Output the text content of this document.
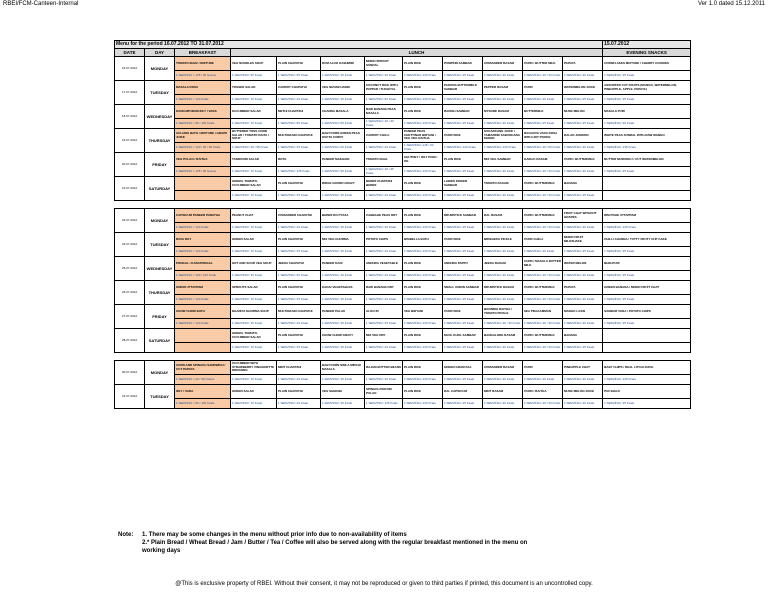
RBEI/FCM-Canteen-Internal	Ver 1.0 dated 15.12.2011
Menu for the period 16.07.2012 TO 31.07.2012												15.07.2012
DATE	DAY	BREAKFAST	LUNCH									EVENING SNACKS
16.07.2012	MONDAY	TOMATO BHAV / MIXTURE	VEG NOODLES SOUP	PLAIN CHAPATHI	DUM ALOO KASHMIRI	MIXED SPROUT SUNDAL	PLAIN RICE	PUMPKIN SAMBAR	CORIANDER RASAM	CURD / BUTTER MILK	PAPAYA	CORNFLAKES MIXTURE / CHERRY COOKIES
		1 SERVING = 125 / 30 Grams	1 SERVING= 50 Kcals	1 SERVING= 95 Kcals	1 SERVING= 45 Kcals	1 SERVING= 30 Kcals	1 SERVING= 125 Kcals	1 SERVING= 45 Kcals	1 SERVING= 30 Kcals	1 SERVING= 40 / 20 Kcals	1 SERVING= 30 Kcals	1 SERVING= 35 Kcals
17.07.2012	TUESDAY	MASALA DOSA	TOSSED SALAD	CARROT CHAPATHI	VEG NIZAMI HANDI	COCONUT RICE WITH PAPPAD / THOGIYAL	PLAIN RICE	PAKODA BUTTERMILK SAMBAR	PEPPER RASAM	CURD	WATERMELON JUICE	ASSORTED CUT FRUITS (MANGO, WATERMELON, PINEAPPLE, APPLE, PAPAYA)
		1 SERVING = 120 Kcals	1 SERVING= 10 Kcals	1 SERVING= 40 Kcals	1 SERVING= 45 Kcals	1 SERVING= 90 Kcals	1 SERVING= 125 Kcals	1 SERVING= 45 Kcals	1 SERVING= 30 Kcals	1 SERVING= 40 Kcals	1 SERVING= 25 Kcals	1 SERVING= 35 Kcals
18.07.2012	WEDNESDAY	KANCHIPURAM IDLY / VADA	KUCUMBER SALAD	METHI CHAPATHI	CHANNA MASALA	RAW BANANA PEAS MASALA	PLAIN RICE	RADISH SAMBAR	MYSORE RASAM	BUTTERMILK	MUSK MELON	MASALA PURI
		1 SERVING = 65 / 120 Kcals	1 SERVING= 10 Kcals	1 SERVING= 80 Kcals	1 SERVING= 80 Kcals	1 SERVING= 40 / 30 Kcals	1 SERVING= 125 Kcals	1 SERVING= 45 Kcals	1 SERVING= 30 Kcals	1 SERVING= 25 Kcals	1 SERVING= 35 Kcals	1 SERVING= 90 Kcals
19.07.2012	THURSDAY	AVLAKKI BATH / MIXTURE / GRAPE JUICE	BUTTERED TOSS CORN SALAD / TOMATO RAITA / SOUP	MULTIGRAIN CHAPATHI	BABYCORN GREEN PEAS KOFTA CURRY	CARROT CHILLI	PANEER PEAS CHETTINAD BIRYANI / VEG VEG RAITHA	CURD RICE	SUGARCANE JUICE / TAMARIND SABUDHANA KHEER	RAGHUVA VADA DOSA WITH HOT POOKE	DALAR JAMOON	WHITE PEAS SUNDAL WITH RAW MANGO
		1 SERVING = 120 / 30 / 90 Kcals	1 SERVING= 25 / 95 Kcals	1 SERVING= 45 Kcals	1 SERVING= 60 Kcals	1 SERVING= 40 Kcals	1 SERVING= 145 / 30 Kcals	1 SERVING= 124 Kcals	1 SERVING= 125 Kcals	1 SERVING= 40 / 50 Kcals	1 SERVING= 30 Kcals	1 SERVING= 135 Kcals
20.07.2012	FRIDAY	VEG PULAO / RAITHA	TANDOORI SALAD	ROTA	PANEER MAKHANI	TOMATO DHAL	CHUTNEY / IDLY PODI / OIL	PLAIN RICE	MIX VEG SAMBAR	GARLIC RASAM	CURD / BUTTERMILK	BUTTER MURUKKU / CUT WATERMELON
		1 SERVING = 125 / 30 Grams	1 SERVING= 10 Kcals	1 SERVING= 125 Kcals	1 SERVING= 95 Kcals	1 SERVING= 40 / 35 Kcals	1 SERVING= 125 Kcals	1 SERVING= 45 Kcals	1 SERVING= 30 Kcals	1 SERVING= 40 / 20 Kcals	1 SERVING= 30 Kcals	1 SERVING= 45 Kcals
21.07.2012	SATURDAY		GREEN, TOMATO, CUCUMBER SALAD	PLAIN CHAPATHI	RIDGE GOURD GRAVY	BHINDI CHAPATHI BHINDI	PLAIN RICE	LADIES FINGER SAMBAR	TOMATO RASAM	CURD / BUTTERMILK	BANANA	
			1 SERVING= 10 Kcals	1 SERVING= 45 Kcals	1 SERVING= 45 Kcals	1 SERVING= 40 Kcals	1 SERVING= 125 Kcals	1 SERVING= 45 Kcals	1 SERVING= 30 Kcals	1 SERVING= 40 / 20 Kcals	1 SERVING= 45 Kcals	

23.07.2012	MONDAY	CAPSICUM PANEER PARATHA	PEANUT CHAT	CORIANDER CHAPATHI	BHINDI DO PYAZA	CABBAGE PEAS DRY	PLAIN RICE	DRUMSTICK SAMBAR	DAL RASAM	CURD / BUTTERMILK	FRUIT CHAT WITHOUT GRAPES	RIM POHE UTTAPPAM
		1 SERVING = 120 Kcals	1 SERVING= 10 Kcals	1 SERVING= 40 Kcals	1 SERVING= 45 Kcals	1 SERVING= 30 Kcals	1 SERVING= 125 Kcals	1 SERVING= 45 Kcals	1 SERVING= 30 Kcals	1 SERVING= 40 / 20 Kcals	1 SERVING= 30 Kcals	1 SERVING= 125 Kcals
24.07.2012	TUESDAY	RAVA IDLY	GREEN SALAD	PLAIN CHAPATHI	MIX VEG KHURMA	POTATO CHIPS	BISIBELLA BATH	CURD RICE	BRINGERA PICKLE	CURD CHILLI	MIXED FRUIT MILKSHAKE	CHILLI CHANNA / TUTTY FRUTY CUP CAKE
		1 SERVING = 120 Kcals	1 SERVING= 10 Kcals	1 SERVING= 45 Kcals	1 SERVING= 45 Kcals	1 SERVING= 40 Kcals	1 SERVING= 125 Kcals	1 SERVING= 45 Kcals	1 SERVING= 30 Kcals	1 SERVING= 40 Kcals	1 SERVING= 35 Kcals	1 SERVING= 35 Kcals
25.07.2012	WEDNESDAY	PONGAL / KARAPONGAL	HOT AND SOUR VEG SOUP	JEERA CHAPATHI	PANEER KADI	ANDHRA VEGETABLE	PLAIN RICE	ANDHRA PAPPU	JEERA RASAM	CURD / MASALA BUTTER MILK	WATER MELON	BHELPURI
		1 SERVING = 100 / 100 Kcals	1 SERVING= 30 Kcals	1 SERVING= 60 Kcals	1 SERVING= 40 Kcals	1 SERVING= 40 Kcals	1 SERVING= 125 Kcals	1 SERVING= 45 Kcals	1 SERVING= 30 Kcals	1 SERVING= 40 / 20 Kcals	1 SERVING= 30 Kcals	1 SERVING= 35 Kcals
26.07.2012	THURSDAY	ONION UTTAPPAM	SPROUTS SALAD	PLAIN CHAPATHI	KADAI VEGETABLES	RAW BANANA DRY	PLAIN RICE	SMALL ONION SAMBAR	DRUMSTICK RASAM	CURD / BUTTERMILK	PAPAYA	GREEN BANANA / MIXED FRUIT CHAT
		1 SERVING = 120 Kcals	1 SERVING= 10 Kcals	1 SERVING= 45 Kcals	1 SERVING= 45 Kcals	1 SERVING= 40 Kcals	1 SERVING= 125 Kcals	1 SERVING= 45 Kcals	1 SERVING= 30 Kcals	1 SERVING= 40 / 20 Kcals	1 SERVING= 30 Kcals	1 SERVING= 35 Kcals
27.07.2012	FRIDAY	CHOW CHOW BATH	DHANIYA KHORMA SOUP	MULTIGRAIN CHAPATHI	PANEER PALAK	ALOO 65	VEG BIRYANI	CURD RICE	BOONDHI RAITHA / TOMATO PICKLE	SEA PRAGAMMAN	MANGO LASSI	SAMBAR VADA / POTATO CHIPS
		1 SERVING = 120 Kcals	1 SERVING= 15 Kcals	1 SERVING= 40 Kcals	1 SERVING= 45 Kcals	1 SERVING= 45 Kcals	1 SERVING= 125 Kcals	1 SERVING= 45 Kcals	1 SERVING= 40 / 30 Kcals	1 SERVING= 40 / 30 Kcals	1 SERVING= 30 Kcals	1 SERVING= 35 Kcals
28.07.2012	SATURDAY		GREEN, TOMATO, CUCUMBER SALAD	PLAIN CHAPATHI	CHOW CHOW GRAVY	MIX VEG DRY	PLAIN RICE	KHOL KHOL SAMBAR	BANGALORE RASAM	CURD / BUTTERMILK	BANANA	
			1 SERVING= 10 Kcals	1 SERVING= 45 Kcals	1 SERVING= 45 Kcals	1 SERVING= 40 Kcals	1 SERVING= 125 Kcals	1 SERVING= 45 Kcals	1 SERVING= 30 Kcals	1 SERVING= 40 / 20 Kcals	1 SERVING= 45 Kcals	

30.07.2012	MONDAY	CORN AND SPINACH SANDWICH / CUT PAPAYA	CUCUMBER WITH STRAWBERRY VINAIGRETTE DRESSING	MINT CHAPATHI	BABYCORN SIMLA MIRCHI MASALA	RAJAM BUTTER BEANS	PLAIN RICE	GREEN GRAM DAL	CORIANDER RASAM	CURD	PINEAPPLE CHAT	BABY CHIPS / REAL LITCHI JUICE
		1 SERVING = 20 / 30 Grams	1 SERVING= 10 Kcals	1 SERVING= 40 Kcals	1 SERVING= 45 Kcals	1 SERVING= 30 Kcals	1 SERVING= 125 Kcals	1 SERVING= 45 Kcals	1 SERVING= 30 Kcals	1 SERVING= 40 Kcals	1 SERVING= 30 Kcals	1 SERVING= 125 Kcals
31.07.2012	TUESDAY	IDLY / VADA	GREEN SALAD	PLAIN CHAPATHI	VEG SHEEWA	SPINACH PAKODI PULAO	PLAIN RICE	DAL CAPSICUM	MINT RASAM	CURD / RAITHA	MUSK MELON JUICE	PAV BHAJI
		1 SERVING = 60 / 120 Kcals	1 SERVING= 10 Kcals	1 SERVING= 40 Kcals	1 SERVING= 45 Kcals	1 SERVING= 125 Kcals	1 SERVING= 125 Kcals	1 SERVING= 45 Kcals	1 SERVING= 30 Kcals	1 SERVING= 40 / 20 Kcals	1 SERVING= 40 Kcals	1 SERVING= 35 Kcals
Note: 1. There may be some changes in the menu without prior info due to non-availability of items
2.* Plain Bread / Wheat Bread / Jam / Butter / Tea / Coffee will also be served along with the regular breakfast mentioned in the menu on working days
@This is exclusive property of RBEI. Without their consent, it may not be reproduced or given to third parties if printed, this document is an uncontrolled copy.
